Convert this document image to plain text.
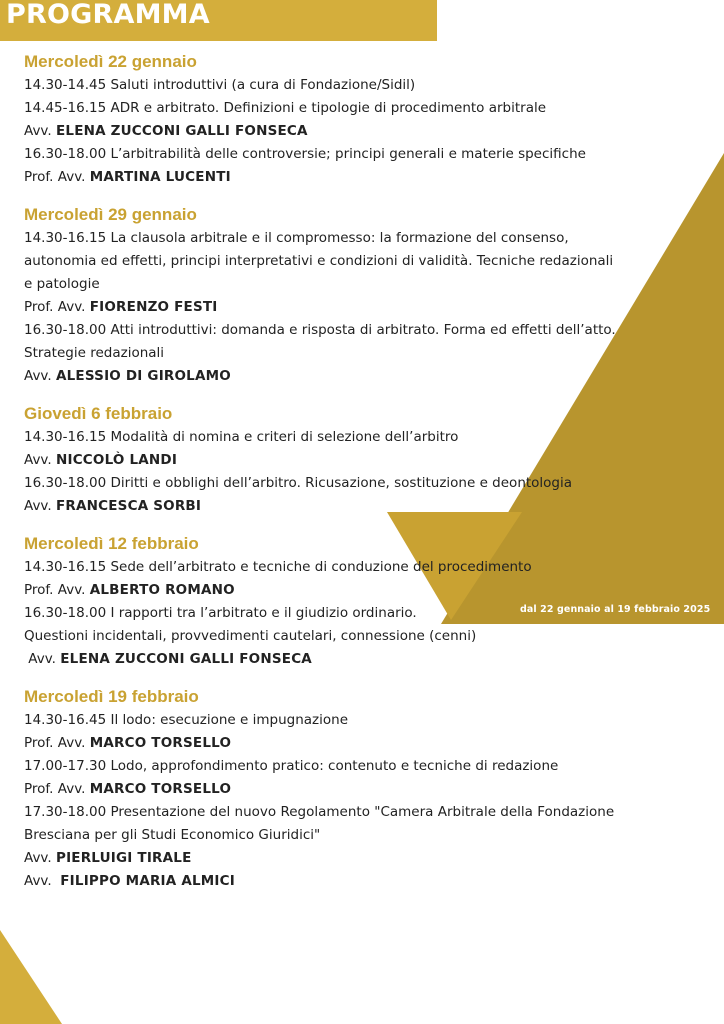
PROGRAMMA
dal 22 gennaio al 19 febbraio 2025
Mercoledì 22 gennaio
14.30-14.45 Saluti introduttivi (a cura di Fondazione/Sidil)
14.45-16.15 ADR e arbitrato. Definizioni e tipologie di procedimento arbitrale
Avv. ELENA ZUCCONI GALLI FONSECA
16.30-18.00 L’arbitrabilità delle controversie; principi generali e materie specifiche
Prof. Avv. MARTINA LUCENTI
Mercoledì 29 gennaio
14.30-16.15 La clausola arbitrale e il compromesso: la formazione del consenso, autonomia ed effetti, principi interpretativi e condizioni di validità. Tecniche redazionali e patologie
Prof. Avv. FIORENZO FESTI
16.30-18.00 Atti introduttivi: domanda e risposta di arbitrato. Forma ed effetti dell’atto. Strategie redazionali
Avv. ALESSIO DI GIROLAMO
Giovedì 6 febbraio
14.30-16.15 Modalità di nomina e criteri di selezione dell’arbitro
Avv. NICCOLÒ LANDI
16.30-18.00 Diritti e obblighi dell’arbitro. Ricusazione, sostituzione e deontologia
Avv. FRANCESCA SORBI
Mercoledì 12 febbraio
14.30-16.15 Sede dell’arbitrato e tecniche di conduzione del procedimento
Prof. Avv. ALBERTO ROMANO
16.30-18.00 I rapporti tra l’arbitrato e il giudizio ordinario.
Questioni incidentali, provvedimenti cautelari, connessione (cenni)
Avv. ELENA ZUCCONI GALLI FONSECA
Mercoledì 19 febbraio
14.30-16.45 Il lodo: esecuzione e impugnazione
Prof. Avv. MARCO TORSELLO
17.00-17.30 Lodo, approfondimento pratico: contenuto e tecniche di redazione
Prof. Avv. MARCO TORSELLO
17.30-18.00 Presentazione del nuovo Regolamento "Camera Arbitrale della Fondazione Bresciana per gli Studi Economico Giuridici"
Avv. PIERLUIGI TIRALE
Avv.  FILIPPO MARIA ALMICI
